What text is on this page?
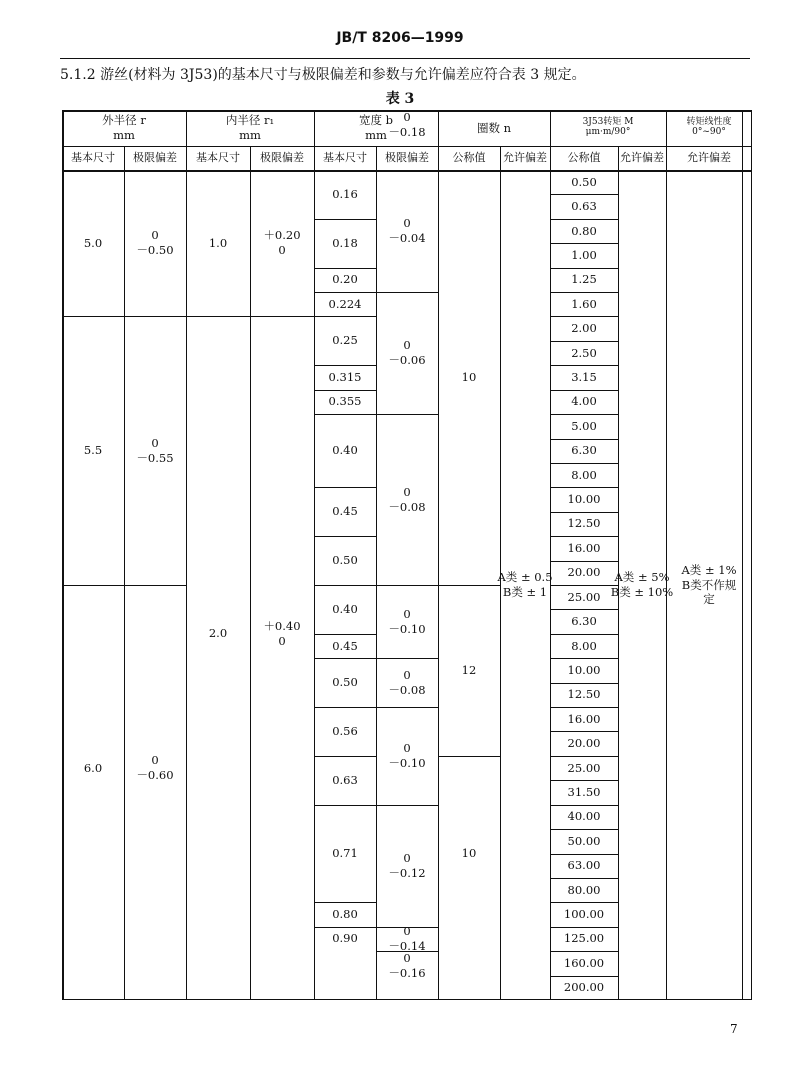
JB/T 8206—1999
5.1.2 游丝(材料为 3J53)的基本尺寸与极限偏差和参数与允许偏差应符合表 3 规定。
表 3
外半径 r
mm
内半径 r₁
mm
宽度 b
mm
圈数 n	3J53转矩 M
μm·m/90°
转矩线性度
0°~90°
基本尺寸 极限偏差 基本尺寸 极限偏差 基本尺寸 极限偏差 公称值 允许偏差 公称值 允许偏差 允许偏差
0.50
0.63
0.80
1.00
1.25
1.60
2.00
2.50
3.15
4.00
5.00
6.30
8.00
10.00
12.50
16.00
20.00
25.00
6.30
8.00
10.00
12.50
16.00
20.00
25.00
31.50
40.00
50.00
63.00
80.00
100.00
125.00
160.00
200.00
0.16
0.18
0.20
0.224
0.25
0.315
0.355
0.40
0.45
0.50
0.40
0.45
0.50
0.56
0.63
0.71
0.80
0.90
0
－0.04
0
－0.06
0
－0.08
0
－0.10
0
－0.08
0
－0.10
0
－0.12
0
－0.14
0
－0.16
0
－0.18
5.0
0
－0.50
5.5
0
－0.55
6.0
0
－0.60
1.0
＋0.20
0
2.0
＋0.40
0
10
12
10
A类 ± 0.5
B类 ± 1
A类 ± 5%
B类 ± 10%
A类 ± 1%
B类不作规
定
7
